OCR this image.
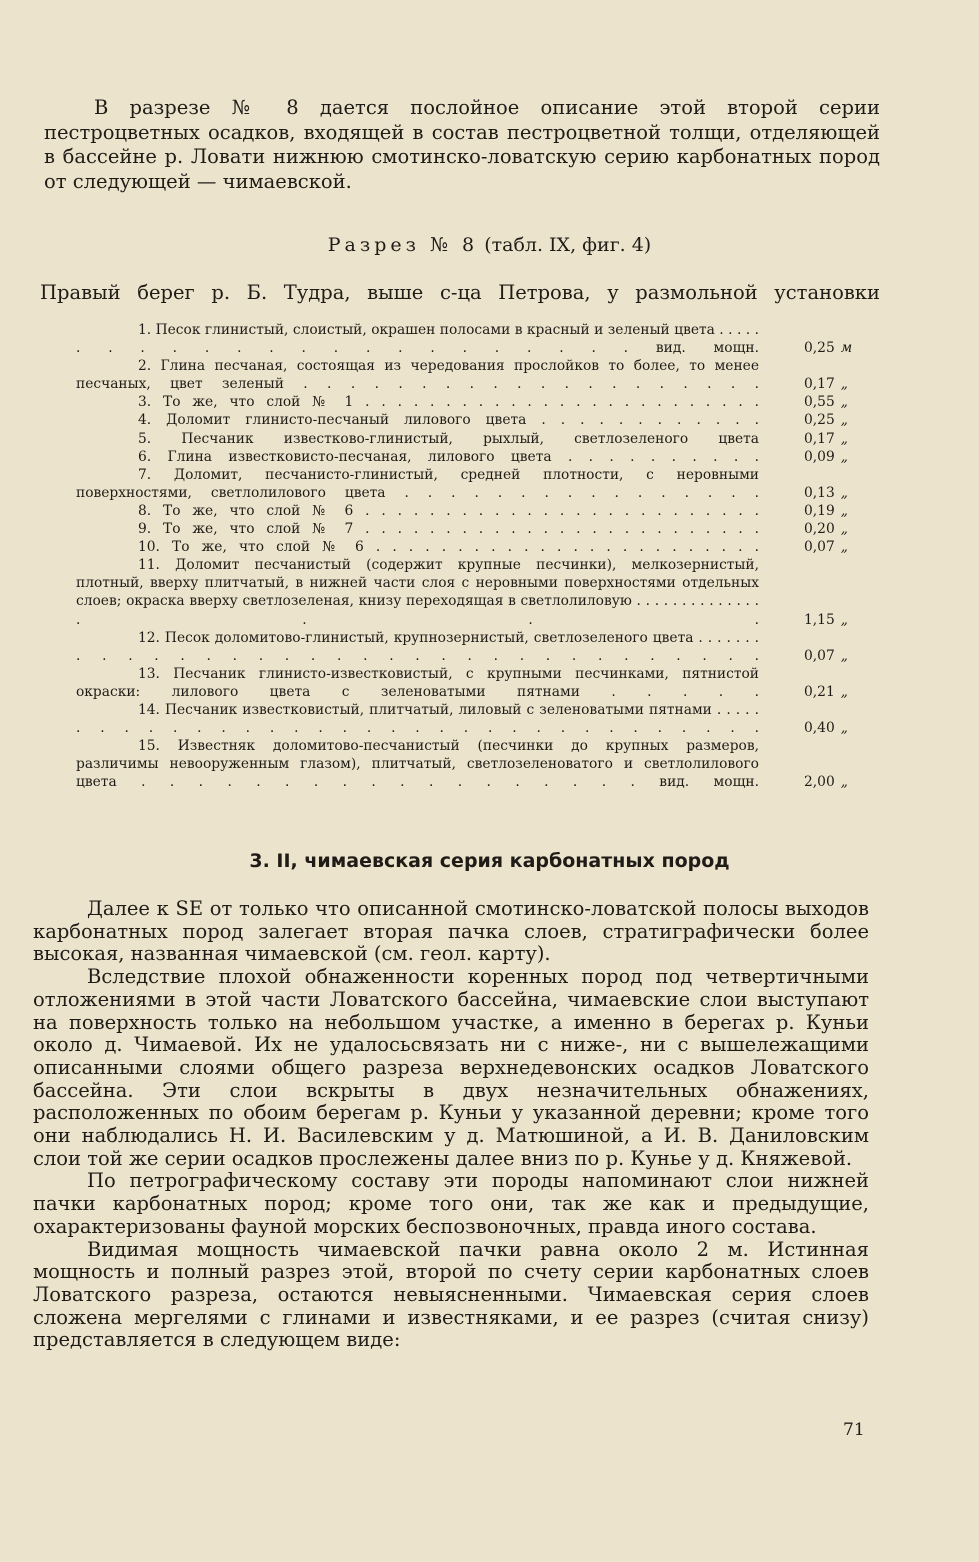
В разрезе № 8 дается послойное описание этой второй серии пестроцветных осадков, входящей в состав пестроцветной толщи, отделяющей в бассейне р. Ловати нижнюю смотинско-ловатскую серию карбонатных пород от следующей — чимаевской.

Разрез № 8 (табл. IX, фиг. 4)

Правый берег р. Б. Тудра, выше с-ца Петрова, у размольной установки

1. Песок глинистый, слоистый, окрашен полосами в красный и зеленый цвета . . . . . . . . . . . . . . . . . . . . . . . вид. мощн.	0,25 м
2. Глина песчаная, состоящая из чередования прослойков то более, то менее песчаных, цвет зеленый . . . . . . . . . . . . . . . . . . . .	0,17 „
3. То же, что слой № 1 . . . . . . . . . . . . . . . . . . . . . . . . .	0,55 „
4. Доломит глинисто-песчаный лилового цвета . . . . . . . . . . . .	0,25 „
5. Песчаник известково-глинистый, рыхлый, светлозеленого цвета	0,17 „
6. Глина известковисто-песчаная, лилового цвета . . . . . . . . . .	0,09 „
7. Доломит, песчанисто-глинистый, средней плотности, с неровными поверхностями, светлолилового цвета . . . . . . . . . . . . . . . .	0,13 „
8. То же, что слой № 6 . . . . . . . . . . . . . . . . . . . . . . . . .	0,19 „
9. То же, что слой № 7 . . . . . . . . . . . . . . . . . . . . . . . . .	0,20 „
10. То же, что слой № 6 . . . . . . . . . . . . . . . . . . . . . . . .	0,07 „
11. Доломит песчанистый (содержит крупные песчинки), мелкозернистый, плотный, вверху плитчатый, в нижней части слоя с неровными поверхностями отдельных слоев; окраска вверху светлозеленая, книзу переходящая в светлолиловую . . . . . . . . . . . . . . . . . .	1,15 „
12. Песок доломитово-глинистый, крупнозернистый, светлозеленого цвета . . . . . . . . . . . . . . . . . . . . . . . . . . . . . . . . . .	0,07 „
13. Песчаник глинисто-известковистый, с крупными песчинками, пятнистой окраски: лилового цвета с зеленоватыми пятнами . . . . .	0,21 „
14. Песчаник известковистый, плитчатый, лиловый с зеленоватыми пятнами . . . . . . . . . . . . . . . . . . . . . . . . . . . . . . . . . .	0,40 „
15. Известняк доломитово-песчанистый (песчинки до крупных размеров, различимы невооруженным глазом), плитчатый, светлозеленоватого и светлолилового цвета . . . . . . . . . . . . . . . . . . вид. мощн.	2,00 „
3. II, чимаевская серия карбонатных пород

Далее к SE от только что описанной смотинско-ловатской полосы выходов карбонатных пород залегает вторая пачка слоев, стратиграфически более высокая, названная чимаевской (см. геол. карту).

Вследствие плохой обнаженности коренных пород под четвертичными отложениями в этой части Ловатского бассейна, чимаевские слои выступают на поверхность только на небольшом участке, а именно в берегах р. Куньи около д. Чимаевой. Их не удалосьсвязать ни с ниже-, ни с вышележащими описанными слоями общего разреза верхнедевонских осадков Ловатского бассейна. Эти слои вскрыты в двух незначительных обнажениях, расположенных по обоим берегам р. Куньи у указанной деревни; кроме того они наблюдались Н. И. Василевским у д. Матюшиной, а И. В. Даниловским слои той же серии осадков прослежены далее вниз по р. Кунье у д. Княжевой.

По петрографическому составу эти породы напоминают слои нижней пачки карбонатных пород; кроме того они, так же как и предыдущие, охарактеризованы фауной морских беспозвоночных, правда иного состава.

Видимая мощность чимаевской пачки равна около 2 м. Истинная мощность и полный разрез этой, второй по счету серии карбонатных слоев Ловатского разреза, остаются невыясненными. Чимаевская серия слоев сложена мергелями с глинами и известняками, и ее разрез (считая снизу) представляется в следующем виде:

71
